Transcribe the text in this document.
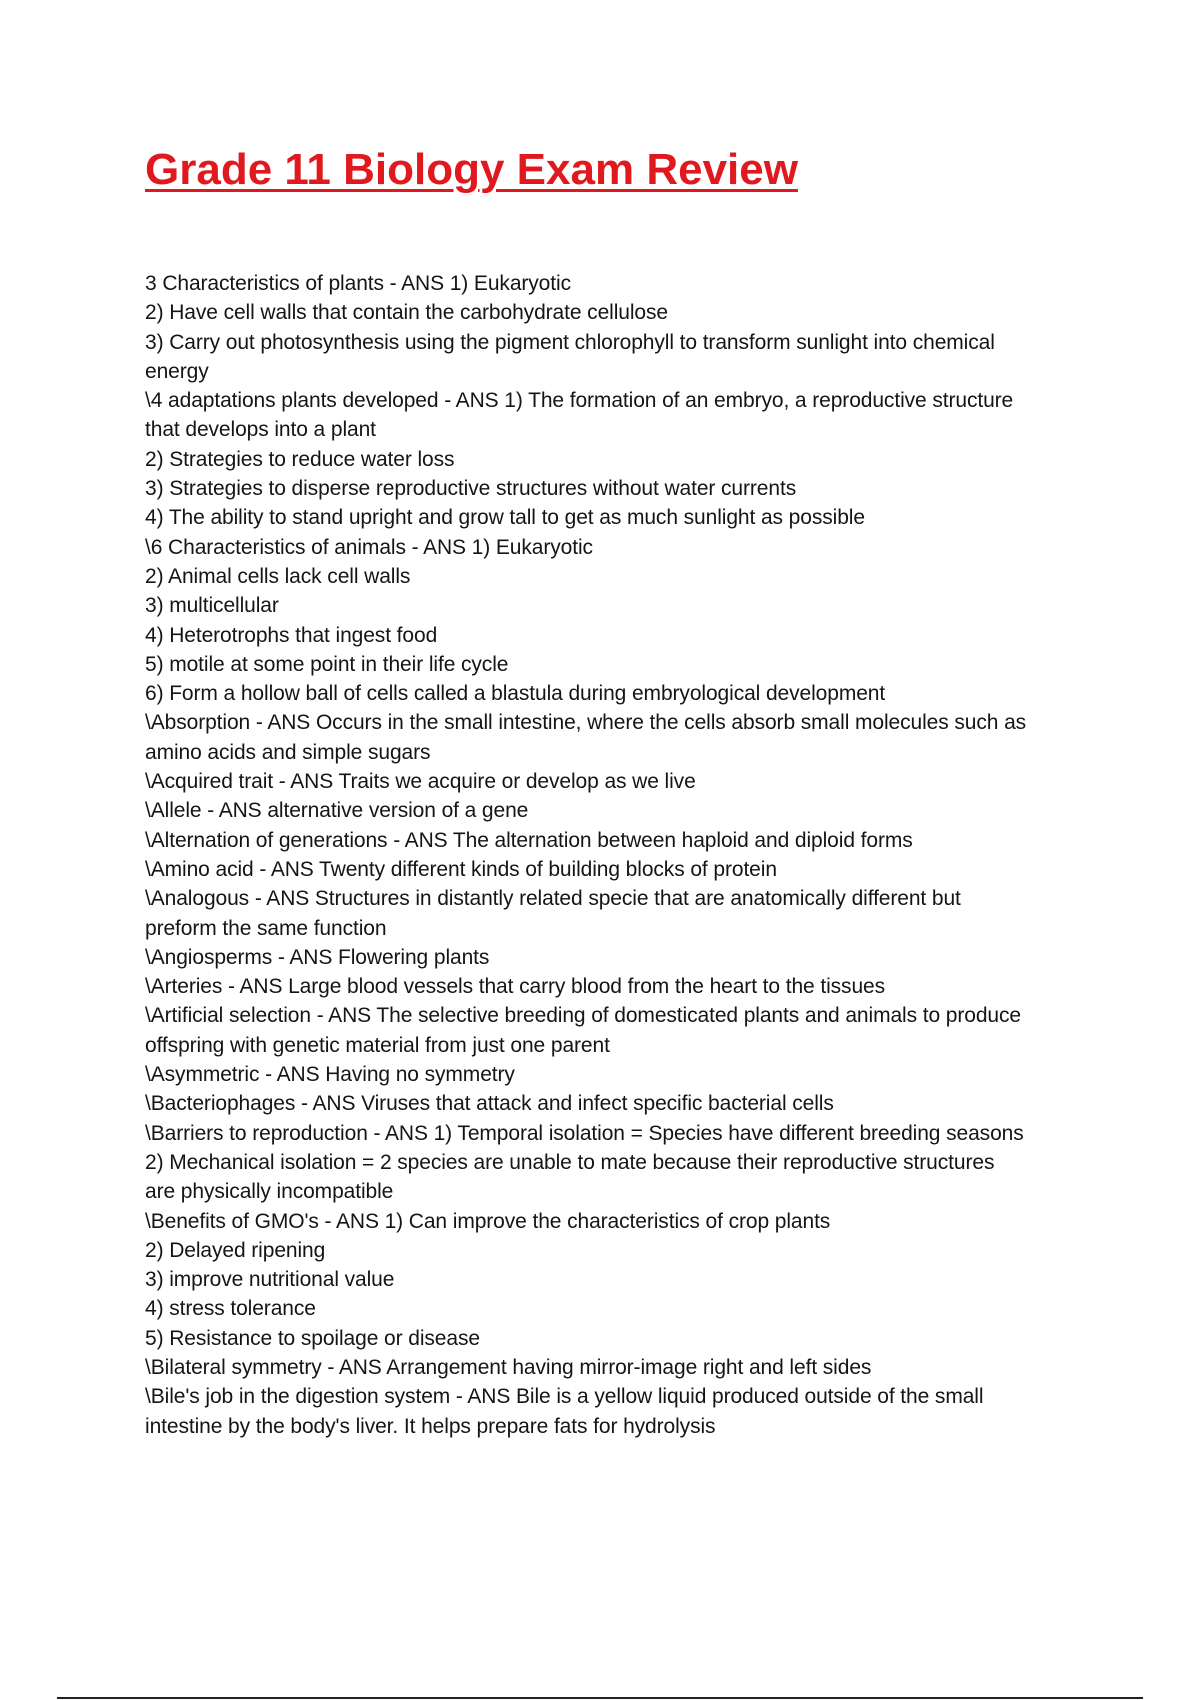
Grade 11 Biology Exam Review
3 Characteristics of plants - ANS 1) Eukaryotic
2) Have cell walls that contain the carbohydrate cellulose
3) Carry out photosynthesis using the pigment chlorophyll to transform sunlight into chemical
energy
\4 adaptations plants developed - ANS 1) The formation of an embryo, a reproductive structure
that develops into a plant
2) Strategies to reduce water loss
3) Strategies to disperse reproductive structures without water currents
4) The ability to stand upright and grow tall to get as much sunlight as possible
\6 Characteristics of animals - ANS 1) Eukaryotic
2) Animal cells lack cell walls
3) multicellular
4) Heterotrophs that ingest food
5) motile at some point in their life cycle
6) Form a hollow ball of cells called a blastula during embryological development
\Absorption - ANS Occurs in the small intestine, where the cells absorb small molecules such as
amino acids and simple sugars
\Acquired trait - ANS Traits we acquire or develop as we live
\Allele - ANS alternative version of a gene
\Alternation of generations - ANS The alternation between haploid and diploid forms
\Amino acid - ANS Twenty different kinds of building blocks of protein
\Analogous - ANS Structures in distantly related specie that are anatomically different but
preform the same function
\Angiosperms - ANS Flowering plants
\Arteries - ANS Large blood vessels that carry blood from the heart to the tissues
\Artificial selection - ANS The selective breeding of domesticated plants and animals to produce
offspring with genetic material from just one parent
\Asymmetric - ANS Having no symmetry
\Bacteriophages - ANS Viruses that attack and infect specific bacterial cells
\Barriers to reproduction - ANS 1) Temporal isolation = Species have different breeding seasons
2) Mechanical isolation = 2 species are unable to mate because their reproductive structures
are physically incompatible
\Benefits of GMO's - ANS 1) Can improve the characteristics of crop plants
2) Delayed ripening
3) improve nutritional value
4) stress tolerance
5) Resistance to spoilage or disease
\Bilateral symmetry - ANS Arrangement having mirror-image right and left sides
\Bile's job in the digestion system - ANS Bile is a yellow liquid produced outside of the small
intestine by the body's liver. It helps prepare fats for hydrolysis
